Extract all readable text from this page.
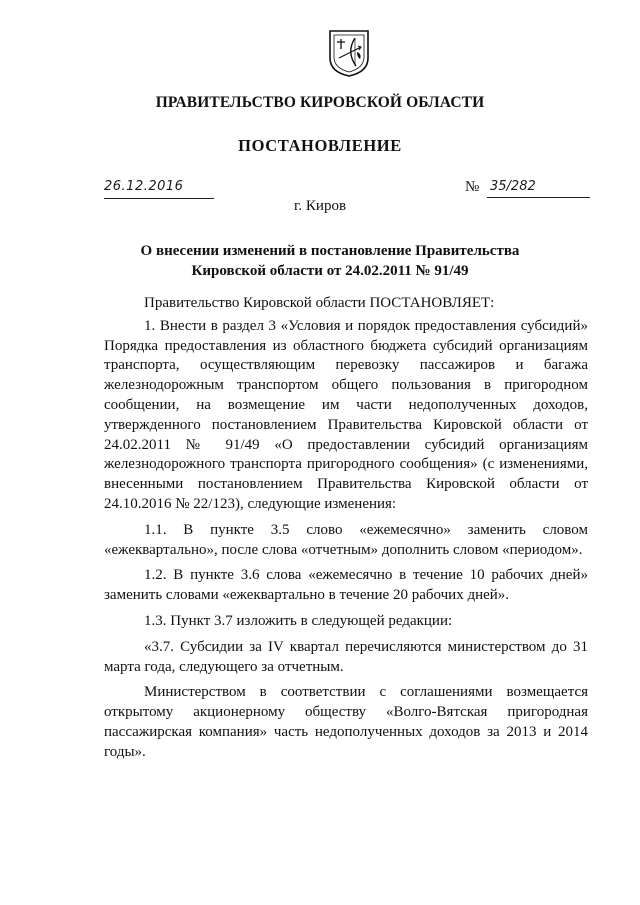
ПРАВИТЕЛЬСТВО КИРОВСКОЙ ОБЛАСТИ
ПОСТАНОВЛЕНИЕ
26.12.2016	№ 35/282
г. Киров
О внесении изменений в постановление Правительства
Кировской области от 24.02.2011 № 91/49

Правительство Кировской области ПОСТАНОВЛЯЕТ:

1. Внести в раздел 3 «Условия и порядок предоставления субсидий» Порядка предоставления из областного бюджета субсидий организациям транспорта, осуществляющим перевозку пассажиров и багажа железнодорожным транспортом общего пользования в пригородном сообщении, на возмещение им части недополученных доходов, утвержденного постановлением Правительства Кировской области от 24.02.2011 № 91/49 «О предоставлении субсидий организациям железнодорожного транспорта пригородного сообщения» (с изменениями, внесенными постановлением Правительства Кировской области от 24.10.2016 № 22/123), следующие изменения:

1.1. В пункте 3.5 слово «ежемесячно» заменить словом «ежеквартально», после слова «отчетным» дополнить словом «периодом».

1.2. В пункте 3.6 слова «ежемесячно в течение 10 рабочих дней» заменить словами «ежеквартально в течение 20 рабочих дней».

1.3. Пункт 3.7 изложить в следующей редакции:

«3.7. Субсидии за IV квартал перечисляются министерством до 31 марта года, следующего за отчетным.

Министерством в соответствии с соглашениями возмещается открытому акционерному обществу «Волго-Вятская пригородная пассажирская компания» часть недополученных доходов за 2013 и 2014 годы».
